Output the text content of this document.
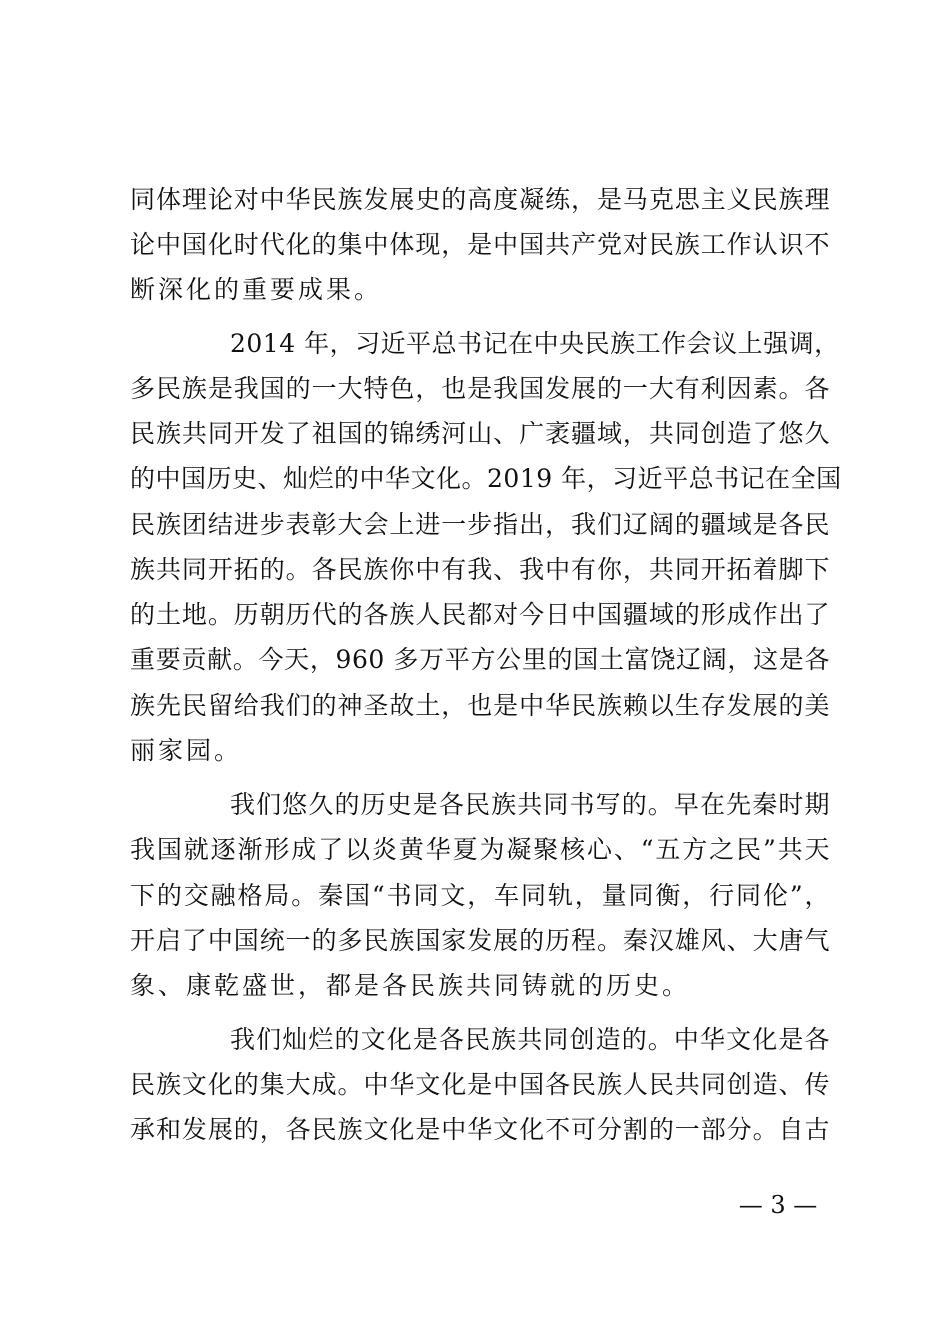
同体理论对中华民族发展史的高度凝练，是马克思主义民族理
论中国化时代化的集中体现，是中国共产党对民族工作认识不
断深化的重要成果。
2014 年，习近平总书记在中央民族工作会议上强调，
多民族是我国的一大特色，也是我国发展的一大有利因素。各
民族共同开发了祖国的锦绣河山、广袤疆域，共同创造了悠久
的中国历史、灿烂的中华文化。2019 年，习近平总书记在全国
民族团结进步表彰大会上进一步指出，我们辽阔的疆域是各民
族共同开拓的。各民族你中有我、我中有你，共同开拓着脚下
的土地。历朝历代的各族人民都对今日中国疆域的形成作出了
重要贡献。今天，960 多万平方公里的国土富饶辽阔，这是各
族先民留给我们的神圣故土，也是中华民族赖以生存发展的美
丽家园。
我们悠久的历史是各民族共同书写的。早在先秦时期
我国就逐渐形成了以炎黄华夏为凝聚核心、“五方之民”共天
下的交融格局。秦国“书同文，车同轨，量同衡，行同伦”，
开启了中国统一的多民族国家发展的历程。秦汉雄风、大唐气
象、康乾盛世，都是各民族共同铸就的历史。
我们灿烂的文化是各民族共同创造的。中华文化是各
民族文化的集大成。中华文化是中国各民族人民共同创造、传
承和发展的，各民族文化是中华文化不可分割的一部分。自古
— 3 —
